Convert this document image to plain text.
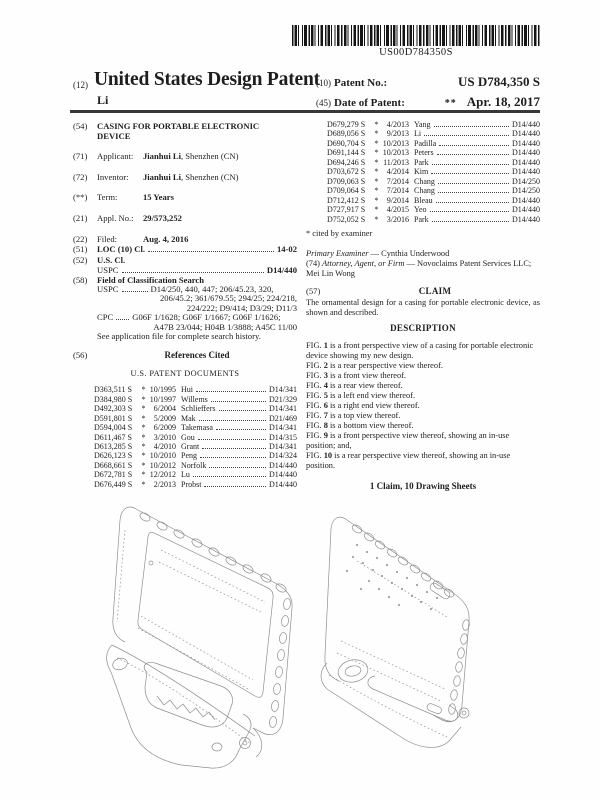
US00D784350S
(12) United States Design Patent
Li
(10) Patent No.:	US D784,350 S
(45) Date of Patent:	** Apr. 18, 2017
(54)	CASING FOR PORTABLE ELECTRONIC DEVICE
(71)	Applicant:	Jianhui Li, Shenzhen (CN)
(72)	Inventor:	Jianhui Li, Shenzhen (CN)
(**)	Term:	15 Years
(21)	Appl. No.:	29/573,252
(22)	Filed:	Aug. 4, 2016
(51)	LOC (10) Cl.	14-02
(52)	U.S. Cl.
USPC	D14/440
(58)	Field of Classification Search
USPC	D14/250, 440, 447; 206/45.23, 320,
206/45.2; 361/679.55; 294/25; 224/218,
224/222; D9/414; D3/29; D11/3
CPC G06F 1/1628; G06F 1/1667; G06F 1/1626;
A47B 23/044; H04B 1/3888; A45C 11/00
See application file for complete search history.
(56)	References Cited
U.S. PATENT DOCUMENTS
D363,511 S	* 10/1995 Hui	D14/341
D384,980 S	* 10/1997 Willems	D21/329
D492,303 S	*	6/2004 Schlieffers	D14/341
D591,801 S	*	5/2009 Mak	D21/469
D594,004 S	*	6/2009 Takemasa	D14/341
D611,467 S	*	3/2010 Gou	D14/315
D613,285 S	*	4/2010 Grant	D14/341
D626,123 S	* 10/2010 Peng	D14/324
D668,661 S	* 10/2012 Norfolk	D14/440
D672,781 S	* 12/2012 Lu	D14/440
D676,449 S	*	2/2013 Probst	D14/440
D679,279 S	*	4/2013 Yang	D14/440
D689,056 S	*	9/2013 Li	D14/440
D690,704 S	* 10/2013 Padilla	D14/440
D691,144 S	* 10/2013 Peters	D14/440
D694,246 S	* 11/2013 Park	D14/440
D703,672 S	*	4/2014 Kim	D14/440
D709,063 S	*	7/2014 Chang	D14/250
D709,064 S	*	7/2014 Chang	D14/250
D712,412 S	*	9/2014 Bleau	D14/440
D727,917 S	*	4/2015 Yeo	D14/440
D752,052 S	*	3/2016 Park	D14/440
* cited by examiner
Primary Examiner — Cynthia Underwood
(74) Attorney, Agent, or Firm — Novoclaims Patent Services LLC; Mei Lin Wong
(57)	CLAIM
The ornamental design for a casing for portable electronic device, as shown and described.
DESCRIPTION
FIG. 1 is a front perspective view of a casing for portable electronic device showing my new design.
FIG. 2 is a rear perspective view thereof.
FIG. 3 is a front view thereof.
FIG. 4 is a rear view thereof.
FIG. 5 is a left end view thereof.
FIG. 6 is a right end view thereof.
FIG. 7 is a top view thereof.
FIG. 8 is a bottom view thereof.
FIG. 9 is a front perspective view thereof, showing an in-use position; and,
FIG. 10 is a rear perspective view thereof, showing an in-use position.
1 Claim, 10 Drawing Sheets
